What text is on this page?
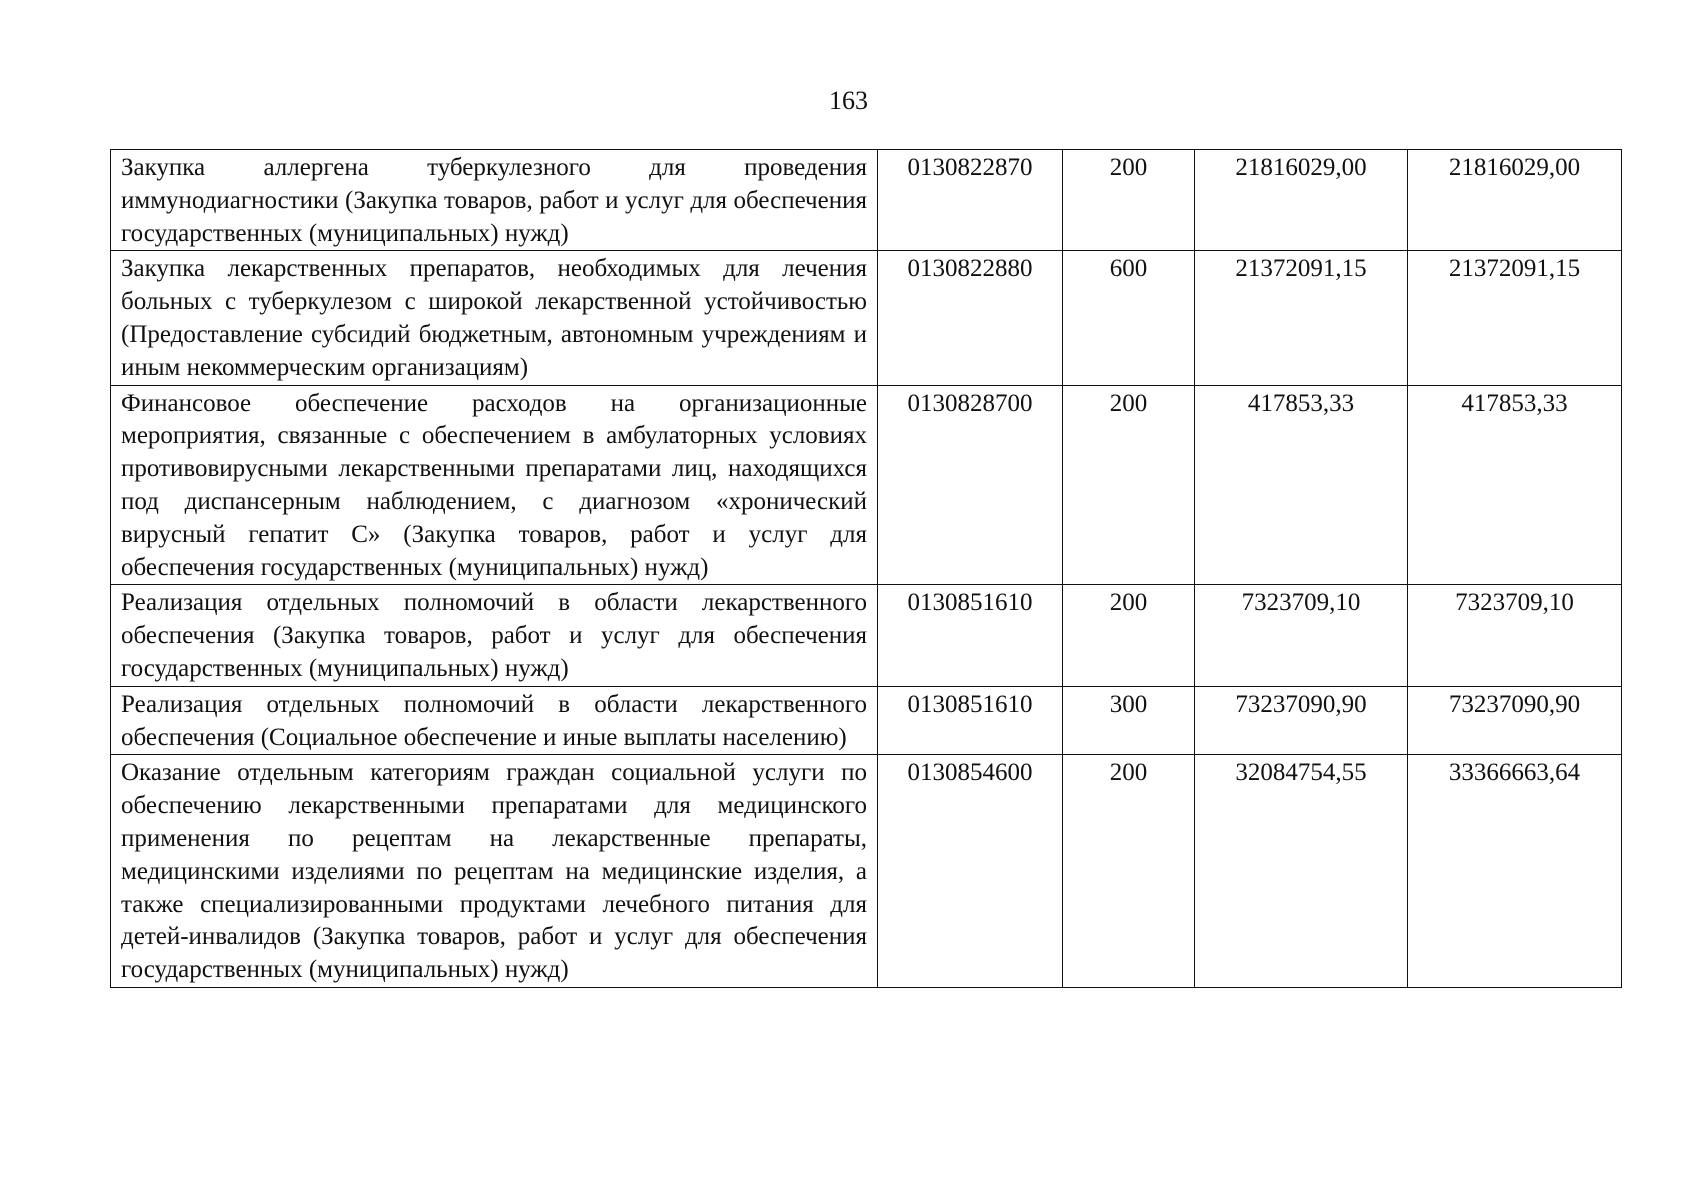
163
Закупка аллергена туберкулезного для проведения иммунодиагностики (Закупка товаров, работ и услуг для обеспечения государственных (муниципальных) нужд)	0130822870	200	21816029,00	21816029,00
Закупка лекарственных препаратов, необходимых для лечения больных с туберкулезом с широкой лекарственной устойчивостью (Предоставление субсидий бюджетным, автономным учреждениям и иным некоммерческим организациям)	0130822880	600	21372091,15	21372091,15
Финансовое обеспечение расходов на организационные мероприятия, связанные с обеспечением в амбулаторных условиях противовирусными лекарственными препаратами лиц, находящихся под диспансерным наблюдением, с диагнозом «хронический вирусный гепатит С» (Закупка товаров, работ и услуг для обеспечения государственных (муниципальных) нужд)	0130828700	200	417853,33	417853,33
Реализация отдельных полномочий в области лекарственного обеспечения (Закупка товаров, работ и услуг для обеспечения государственных (муниципальных) нужд)	0130851610	200	7323709,10	7323709,10
Реализация отдельных полномочий в области лекарственного обеспечения (Социальное обеспечение и иные выплаты населению)	0130851610	300	73237090,90	73237090,90
Оказание отдельным категориям граждан социальной услуги по обеспечению лекарственными препаратами для медицинского применения по рецептам на лекарственные препараты, медицинскими изделиями по рецептам на медицинские изделия, а также специализированными продуктами лечебного питания для детей-инвалидов (Закупка товаров, работ и услуг для обеспечения государственных (муниципальных) нужд)	0130854600	200	32084754,55	33366663,64
